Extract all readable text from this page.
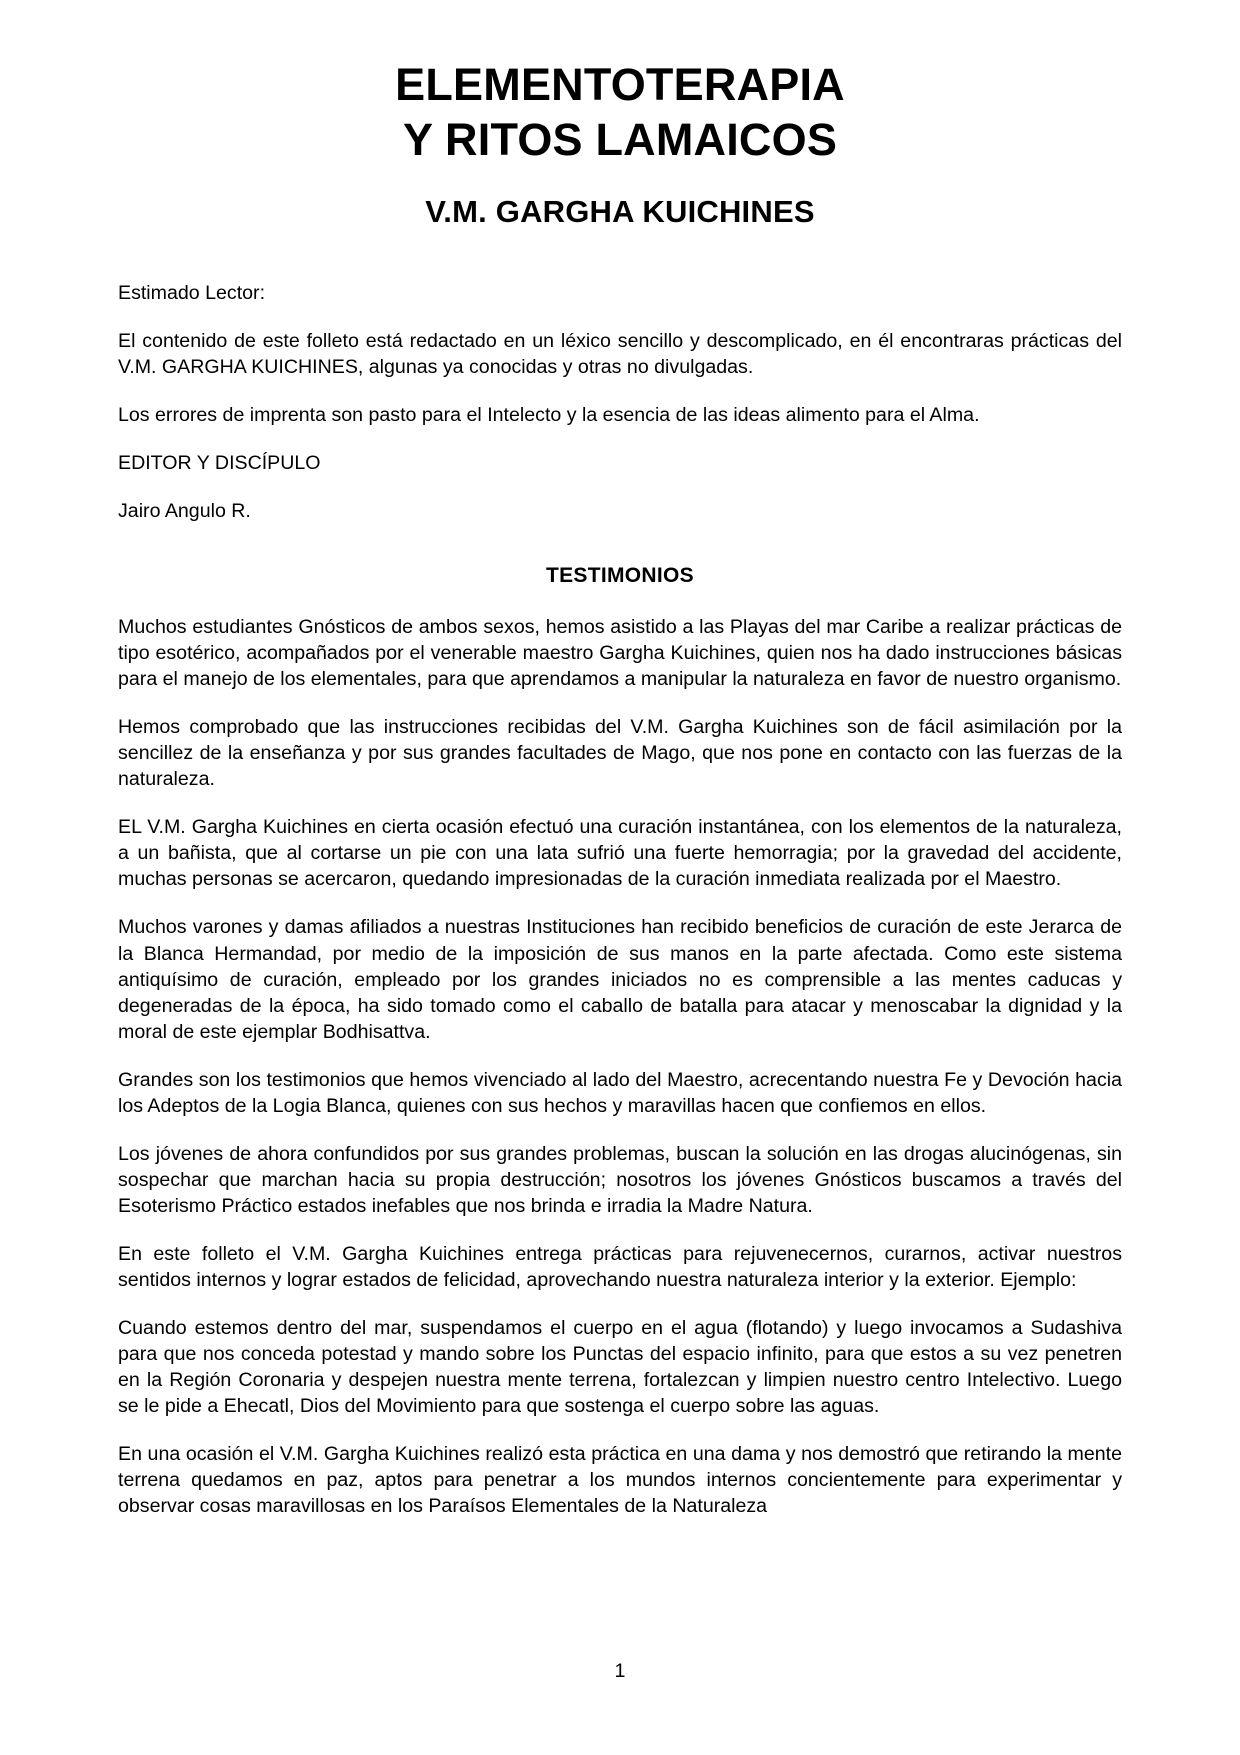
ELEMENTOTERAPIA
Y RITOS LAMAICOS
V.M. GARGHA KUICHINES

Estimado Lector:

El contenido de este folleto está redactado en un léxico sencillo y descomplicado, en él encontraras prácticas del V.M. GARGHA KUICHINES, algunas ya conocidas y otras no divulgadas.

Los errores de imprenta son pasto para el Intelecto y la esencia de las ideas alimento para el Alma.

EDITOR Y DISCÍPULO

Jairo Angulo R.

TESTIMONIOS

Muchos estudiantes Gnósticos de ambos sexos, hemos asistido a las Playas del mar Caribe a realizar prácticas de tipo esotérico, acompañados por el venerable maestro Gargha Kuichines, quien nos ha dado instrucciones básicas para el manejo de los elementales, para que aprendamos a manipular la naturaleza en favor de nuestro organismo.

Hemos comprobado que las instrucciones recibidas del V.M. Gargha Kuichines son de fácil asimilación por la sencillez de la enseñanza y por sus grandes facultades de Mago, que nos pone en contacto con las fuerzas de la naturaleza.

EL V.M. Gargha Kuichines en cierta ocasión efectuó una curación instantánea, con los elementos de la naturaleza, a un bañista, que al cortarse un pie con una lata sufrió una fuerte hemorragia; por la gravedad del accidente, muchas personas se acercaron, quedando impresionadas de la curación inmediata realizada por el Maestro.

Muchos varones y damas afiliados a nuestras Instituciones han recibido beneficios de curación de este Jerarca de la Blanca Hermandad, por medio de la imposición de sus manos en la parte afectada. Como este sistema antiquísimo de curación, empleado por los grandes iniciados no es comprensible a las mentes caducas y degeneradas de la época, ha sido tomado como el caballo de batalla para atacar y menoscabar la dignidad y la moral de este ejemplar Bodhisattva.

Grandes son los testimonios que hemos vivenciado al lado del Maestro, acrecentando nuestra Fe y Devoción hacia los Adeptos de la Logia Blanca, quienes con sus hechos y maravillas hacen que confiemos en ellos.

Los jóvenes de ahora confundidos por sus grandes problemas, buscan la solución en las drogas alucinógenas, sin sospechar que marchan hacia su propia destrucción; nosotros los jóvenes Gnósticos buscamos a través del Esoterismo Práctico estados inefables que nos brinda e irradia la Madre Natura.

En este folleto el V.M. Gargha Kuichines entrega prácticas para rejuvenecernos, curarnos, activar nuestros sentidos internos y lograr estados de felicidad, aprovechando nuestra naturaleza interior y la exterior. Ejemplo:

Cuando estemos dentro del mar, suspendamos el cuerpo en el agua (flotando) y luego invocamos a Sudashiva para que nos conceda potestad y mando sobre los Punctas del espacio infinito, para que estos a su vez penetren en la Región Coronaria y despejen nuestra mente terrena, fortalezcan y limpien nuestro centro Intelectivo. Luego se le pide a Ehecatl, Dios del Movimiento para que sostenga el cuerpo sobre las aguas.

En una ocasión el V.M. Gargha Kuichines realizó esta práctica en una dama y nos demostró que retirando la mente terrena quedamos en paz, aptos para penetrar a los mundos internos concientemente para experimentar y observar cosas maravillosas en los Paraísos Elementales de la Naturaleza

1
